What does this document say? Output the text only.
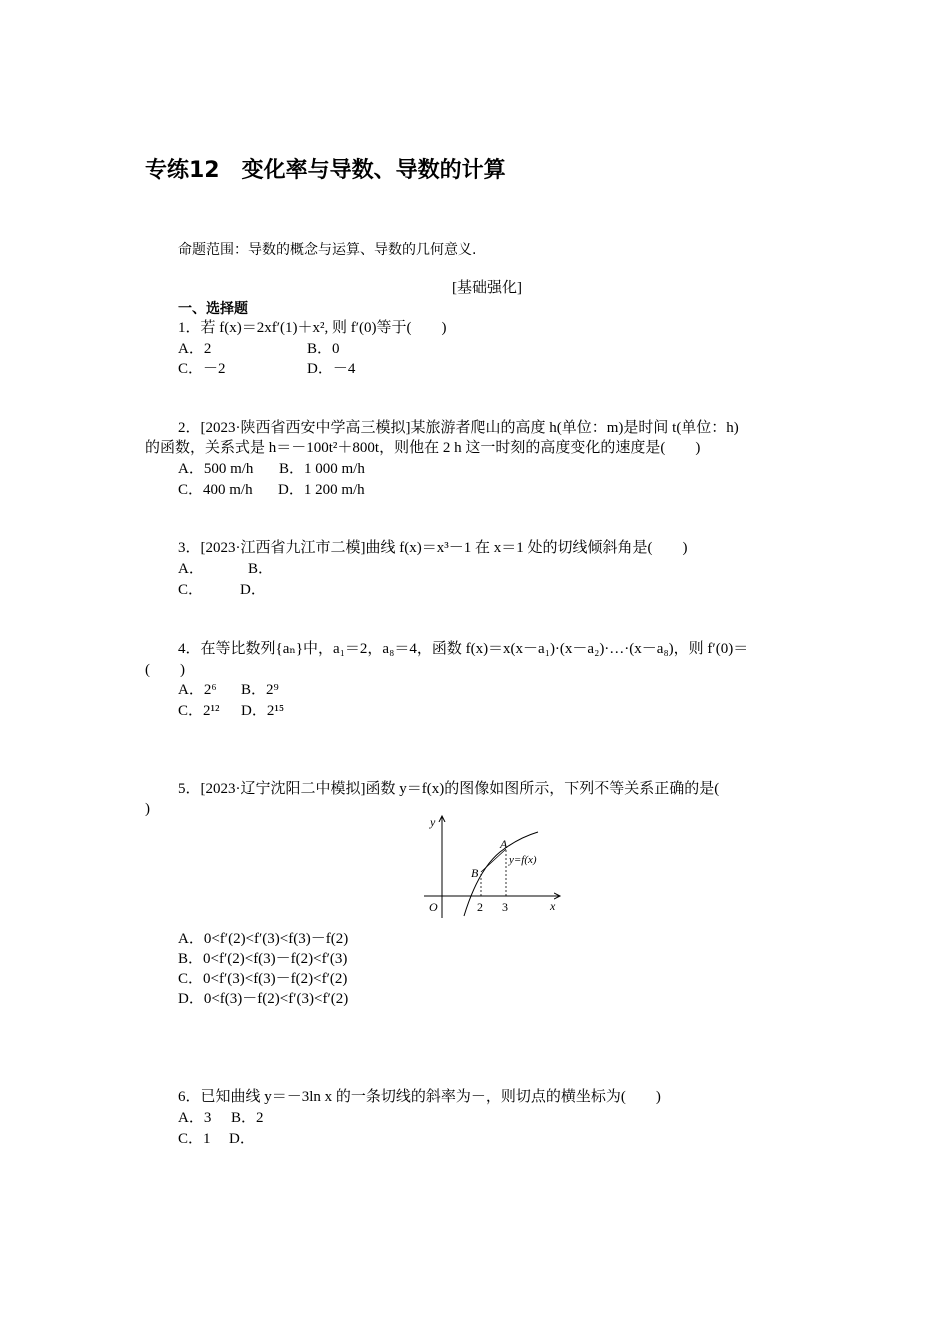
专练12　变化率与导数、导数的计算
命题范围：导数的概念与运算、导数的几何意义.
[基础强化]
一、选择题
1．若 f(x)＝2xf′(1)＋x², 则 f′(0)等于(　　)
A．2	B．0
C．－2	D．－4
2．[2023·陕西省西安中学高三模拟]某旅游者爬山的高度 h(单位：m)是时间 t(单位：h)
的函数，关系式是 h＝－100t²＋800t，则他在 2 h 这一时刻的高度变化的速度是(　　)
A．500 m/h B．1 000 m/h
C．400 m/h D．1 200 m/h
3．[2023·江西省九江市二模]曲线 f(x)＝x³－1 在 x＝1 处的切线倾斜角是(　　)
A．	B．
C． D．
4．在等比数列{aₙ}中，a₁＝2，a₈＝4，函数 f(x)＝x(x－a₁)·(x－a₂)·…·(x－a₈)，则 f′(0)＝
(　　)
A．2⁶ B．2⁹
C．2¹² D．2¹⁵
5．[2023·辽宁沈阳二中模拟]函数 y＝f(x)的图像如图所示，下列不等关系正确的是(
)
y
x
O
A
B
2 3
y=f(x)
A．0<f′(2)<f′(3)<f(3)－f(2)
B．0<f′(2)<f(3)－f(2)<f′(3)
C．0<f′(3)<f(3)－f(2)<f′(2)
D．0<f(3)－f(2)<f′(3)<f′(2)
6．已知曲线 y＝－3ln x 的一条切线的斜率为－，则切点的横坐标为(　　)
A．3 B．2
C．1 D．
